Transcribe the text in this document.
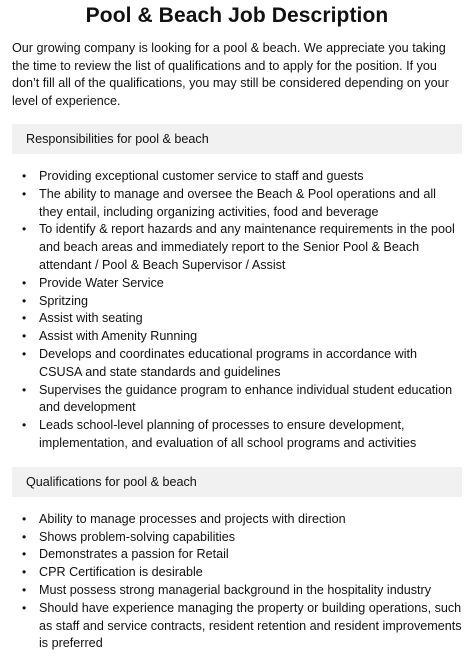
Pool & Beach Job Description

Our growing company is looking for a pool & beach. We appreciate you taking the time to review the list of qualifications and to apply for the position. If you don’t fill all of the qualifications, you may still be considered depending on your level of experience.

Responsibilities for pool & beach
• Providing exceptional customer service to staff and guests
• The ability to manage and oversee the Beach & Pool operations and all they entail, including organizing activities, food and beverage
• To identify & report hazards and any maintenance requirements in the pool and beach areas and immediately report to the Senior Pool & Beach attendant / Pool & Beach Supervisor / Assist
• Provide Water Service
• Spritzing
• Assist with seating
• Assist with Amenity Running
• Develops and coordinates educational programs in accordance with CSUSA and state standards and guidelines
• Supervises the guidance program to enhance individual student education and development
• Leads school-level planning of processes to ensure development, implementation, and evaluation of all school programs and activities
Qualifications for pool & beach
• Ability to manage processes and projects with direction
• Shows problem-solving capabilities
• Demonstrates a passion for Retail
• CPR Certification is desirable
• Must possess strong managerial background in the hospitality industry
• Should have experience managing the property or building operations, such as staff and service contracts, resident retention and resident improvements is preferred
